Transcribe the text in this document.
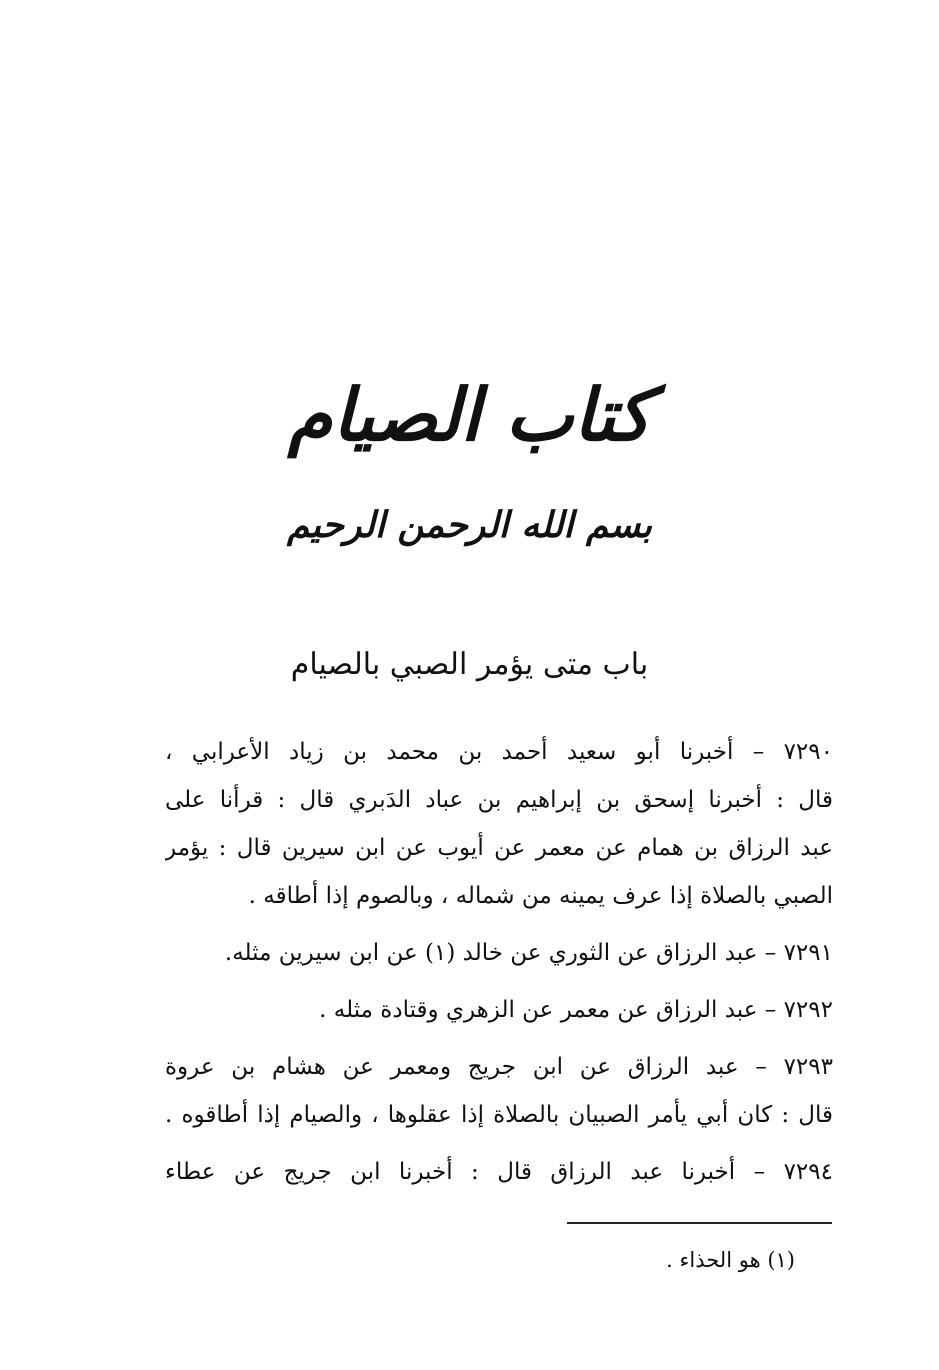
كتاب الصيام
بسم الله الرحمن الرحيم
باب متى يؤمر الصبي بالصيام
٧٢٩٠ – أخبرنا أبو سعيد أحمد بن محمد بن زياد الأعرابي ،
قال : أخبرنا إسحق بن إبراهيم بن عباد الدَبري قال : قرأنا على
عبد الرزاق بن همام عن معمر عن أيوب عن ابن سيرين قال : يؤمر
الصبي بالصلاة إذا عرف يمينه من شماله ، وبالصوم إذا أطاقه .
٧٢٩١ – عبد الرزاق عن الثوري عن خالد (١) عن ابن سيرين مثله.
٧٢٩٢ – عبد الرزاق عن معمر عن الزهري وقتادة مثله .
٧٢٩٣ – عبد الرزاق عن ابن جريج ومعمر عن هشام بن عروة
قال : كان أبي يأمر الصبيان بالصلاة إذا عقلوها ، والصيام إذا أطاقوه .
٧٢٩٤ – أخبرنا عبد الرزاق قال : أخبرنا ابن جريج عن عطاء
(١) هو الحذاء .
